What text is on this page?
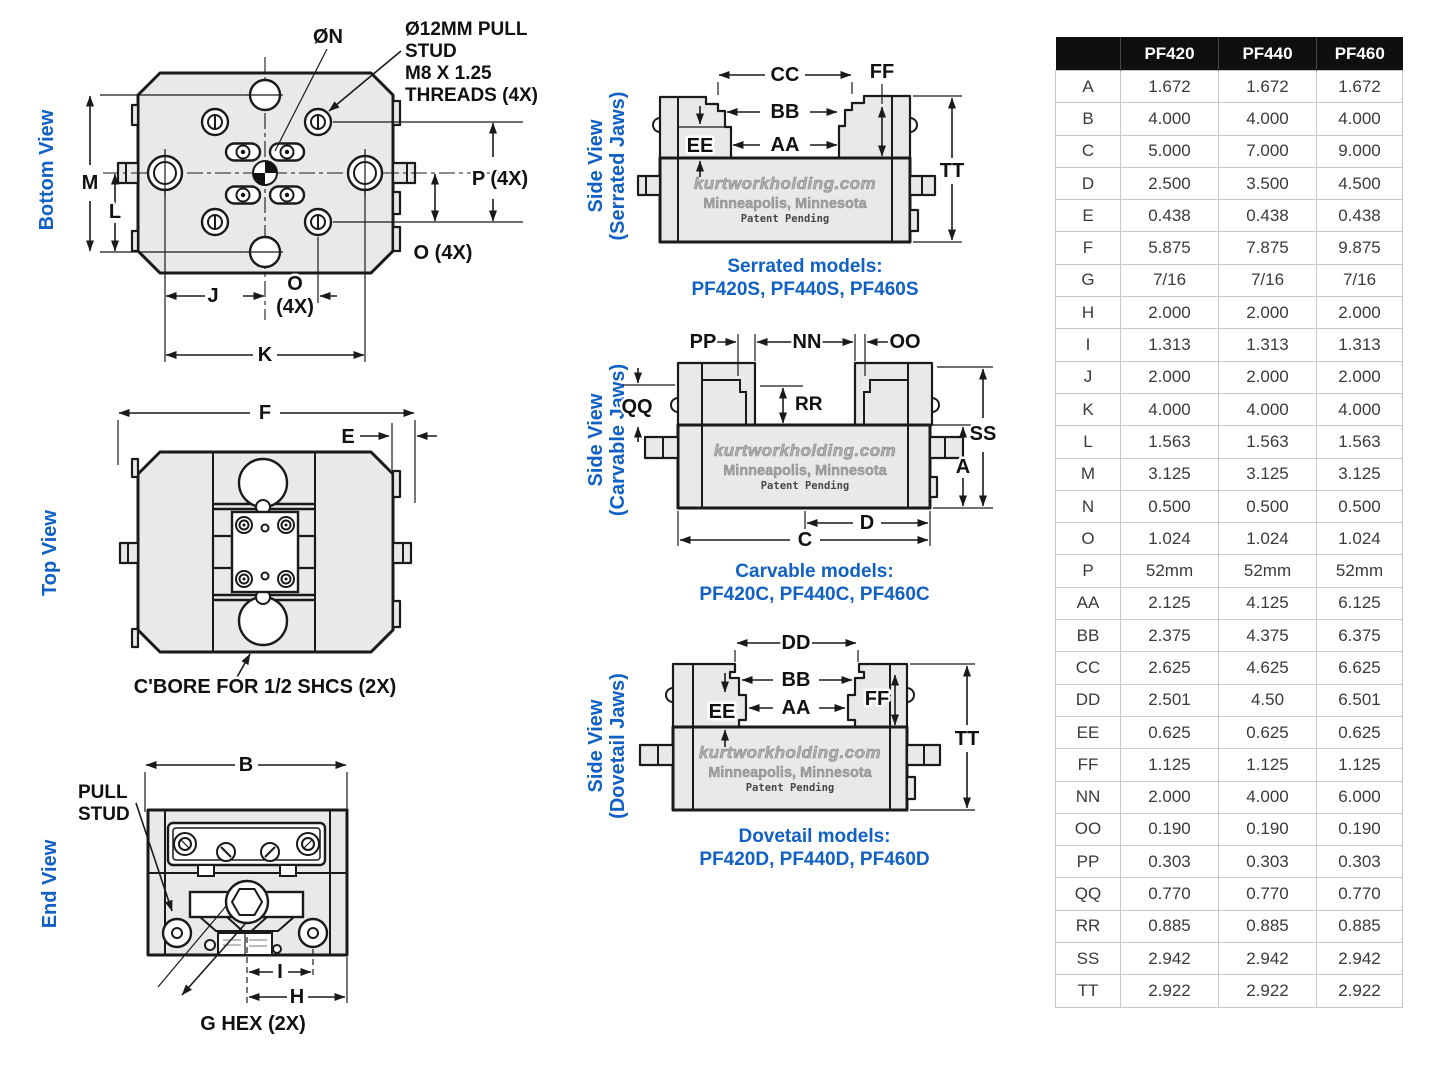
Bottom View
Top View
End View
Side View (Serrated Jaws)
Side View (Carvable Jaws)
Side View (Dovetail Jaws)
M
L
P (4X)
O (4X)
J
O
(4X)
K
ØN	Ø12MM PULL
STUD
M8 X 1.25
THREADS (4X)
F
E
C'BORE FOR 1/2 SHCS (2X)
B
I
H
PULL
STUD
G HEX (2X)
kurtworkholding.com
Minneapolis, Minnesota
Patent Pending
CC	FF
BB
AA
EE
TT
Serrated models:
PF420S, PF440S, PF460S
kurtworkholding.com
Minneapolis, Minnesota
Patent Pending
PP	NN	OO
QQ	RR
SS
A
D
C
Carvable models:
PF420C, PF440C, PF460C
kurtworkholding.com
Minneapolis, Minnesota
Patent Pending
DD
BB
AA	FF
EE
TT
Dovetail models:
PF420D, PF440D, PF460D
	PF420	PF440	PF460
A	1.672	1.672	1.672
B	4.000	4.000	4.000
C	5.000	7.000	9.000
D	2.500	3.500	4.500
E	0.438	0.438	0.438
F	5.875	7.875	9.875
G	7/16	7/16	7/16
H	2.000	2.000	2.000
I	1.313	1.313	1.313
J	2.000	2.000	2.000
K	4.000	4.000	4.000
L	1.563	1.563	1.563
M	3.125	3.125	3.125
N	0.500	0.500	0.500
O	1.024	1.024	1.024
P	52mm	52mm	52mm
AA	2.125	4.125	6.125
BB	2.375	4.375	6.375
CC	2.625	4.625	6.625
DD	2.501	4.50	6.501
EE	0.625	0.625	0.625
FF	1.125	1.125	1.125
NN	2.000	4.000	6.000
OO	0.190	0.190	0.190
PP	0.303	0.303	0.303
QQ	0.770	0.770	0.770
RR	0.885	0.885	0.885
SS	2.942	2.942	2.942
TT	2.922	2.922	2.922
